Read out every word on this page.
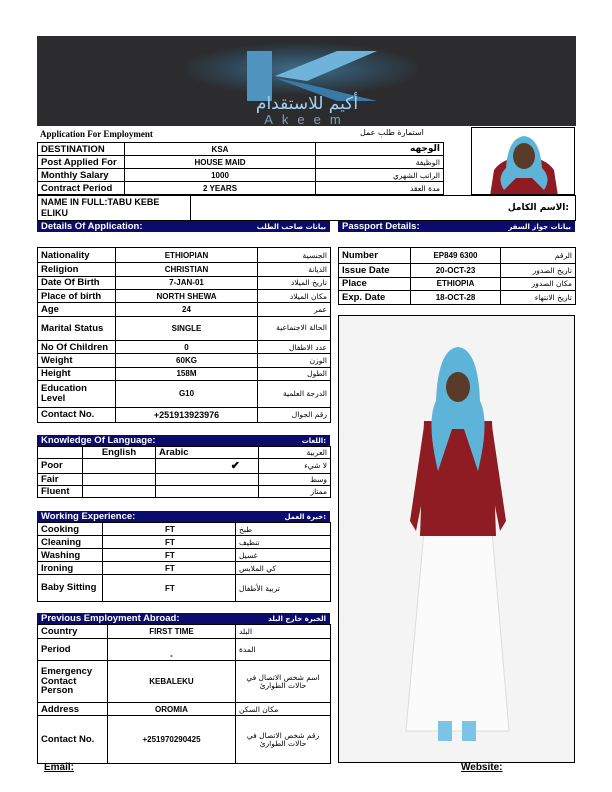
أكيم للاستقدام
Akeem
Application For Employment	استمارة طلب عمل
DESTINATION	KSA	الوجهه
Post Applied For	HOUSE MAID	الوظيفة
Monthly Salary	1000	الراتب الشهري
Contract Period	2 YEARS	مدة العقد
NAME IN FULL:TABU KEBE
ELIKU	الاسم الكامل:
Details Of Application:	بيانات صاحب الطلب Passport Details:	بيانات جواز السفر
Nationality	ETHIOPIAN	الجنسية
Religion	CHRISTIAN	الديانة
Date Of Birth	7-JAN-01	تاريخ الميلاد
Place of birth	NORTH SHEWA	مكان الميلاد
Age	24	عمر
Marital Status	SINGLE	الحالة الاجتماعية
No Of Children	0	عدد الاطفال
Weight	60KG	الوزن
Height	158M	الطول
Education Level	G10	الدرجة العلمية
Contact No.	+251913923976	رقم الجوال
Number	EP849 6300	الرقم
Issue Date	20-OCT-23	تاريخ الصدور
Place	ETHIOPIA	مكان الصدور
Exp. Date	18-OCT-28	تاريخ الانتهاء
Knowledge Of Language:	اللغات:
	English	Arabic	العربية
Poor		✔	لا شيء
Fair			وسط
Fluent			ممتاز
Working Experience:	خبرة العمل:
Cooking	FT	طبخ
Cleaning	FT	تنظيف
Washing	FT	غسيل
Ironing	FT	كي الملابس
Baby Sitting	FT	تربية الأطفال
Previous Employment Abroad:	الخبرة خارج البلد
Country	FIRST TIME	البلد
Period	-	المدة
Emergency Contact Person	KEBALEKU	اسم شخص الاتصال في حالات الطوارئ
Address	OROMIA	مكان السكن
Contact No.	+251970290425	رقم شخص الاتصال في حالات الطوارئ
Email:	Website:
